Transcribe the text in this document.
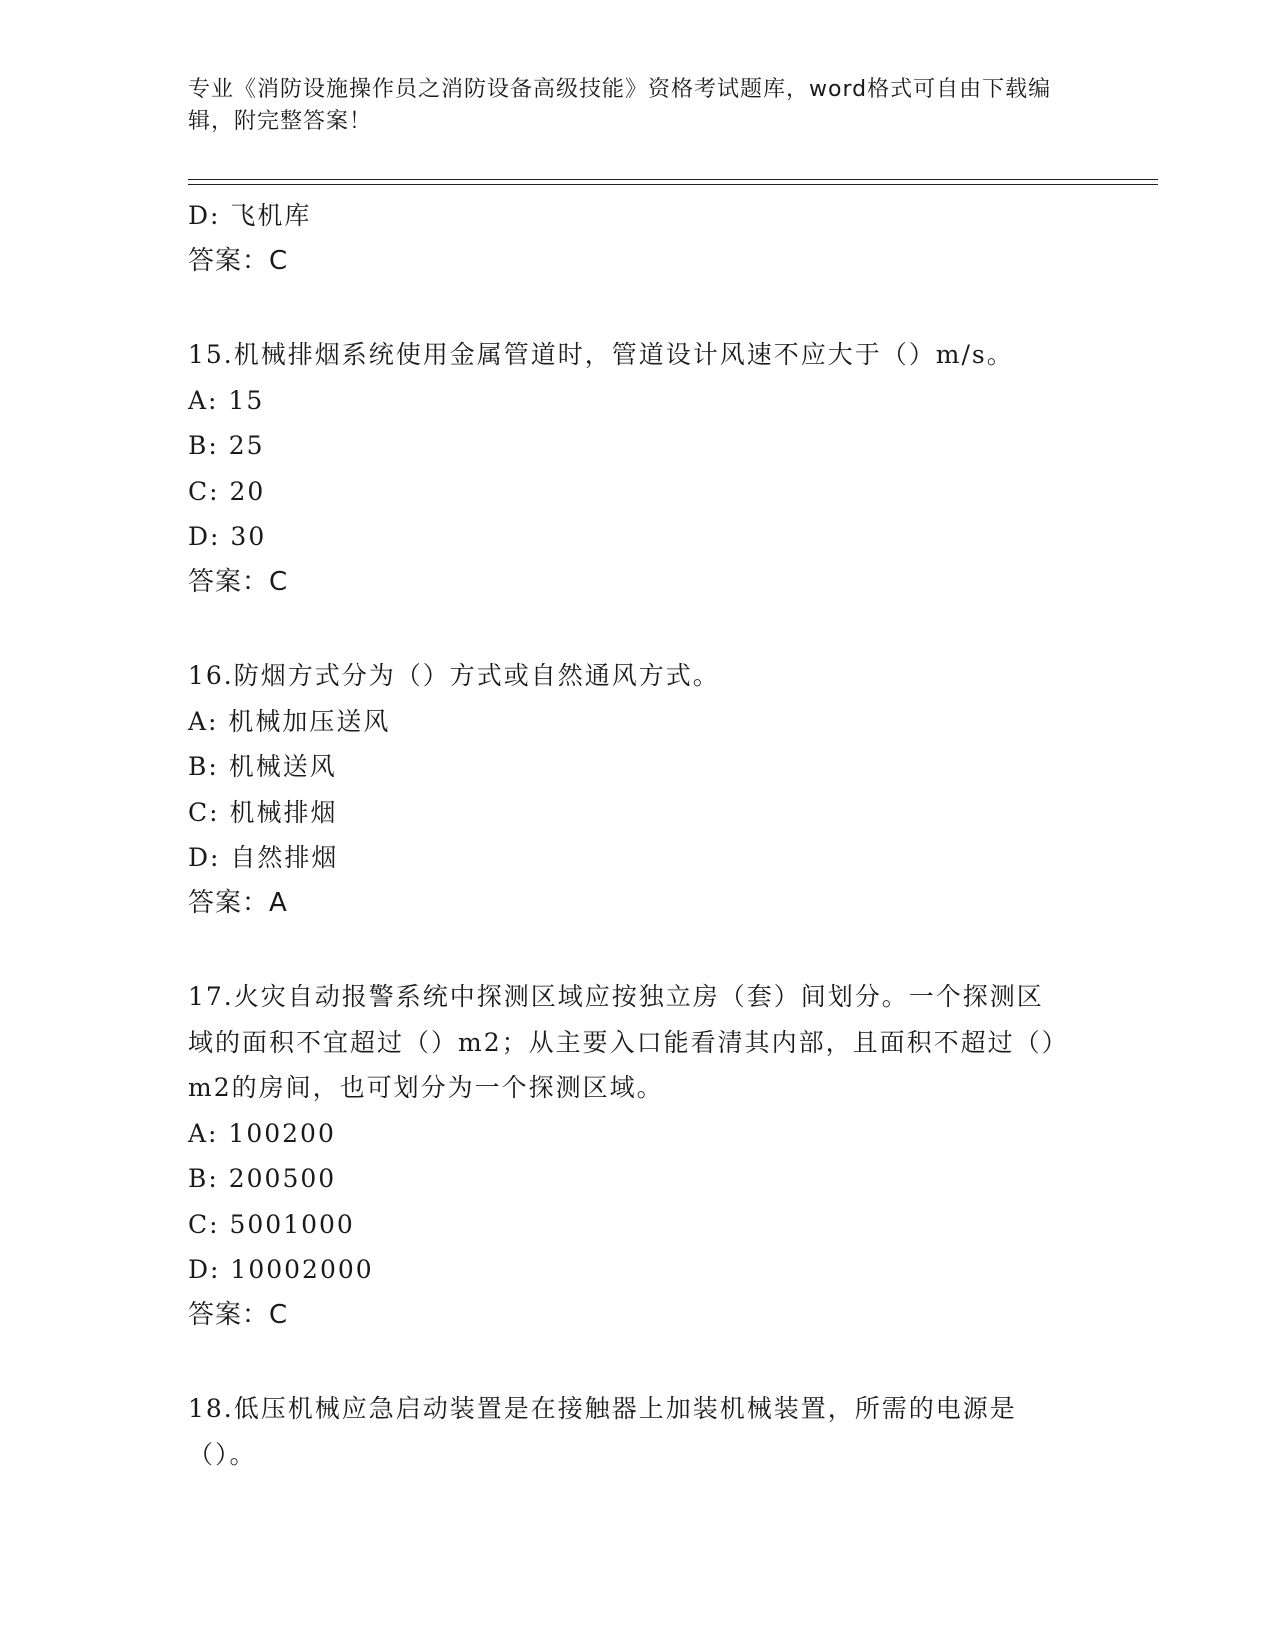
专业《消防设施操作员之消防设备高级技能》资格考试题库，word格式可自由下载编辑，附完整答案！
D: 飞机库
答案：C
15.机械排烟系统使用金属管道时，管道设计风速不应大于（）m/s。
A: 15
B: 25
C: 20
D: 30
答案：C
16.防烟方式分为（）方式或自然通风方式。
A: 机械加压送风
B: 机械送风
C: 机械排烟
D: 自然排烟
答案：A
17.火灾自动报警系统中探测区域应按独立房（套）间划分。一个探测区域的面积不宜超过（）m2；从主要入口能看清其内部，且面积不超过（）m2的房间，也可划分为一个探测区域。
A: 100200
B: 200500
C: 5001000
D: 10002000
答案：C
18.低压机械应急启动装置是在接触器上加装机械装置，所需的电源是（）。
